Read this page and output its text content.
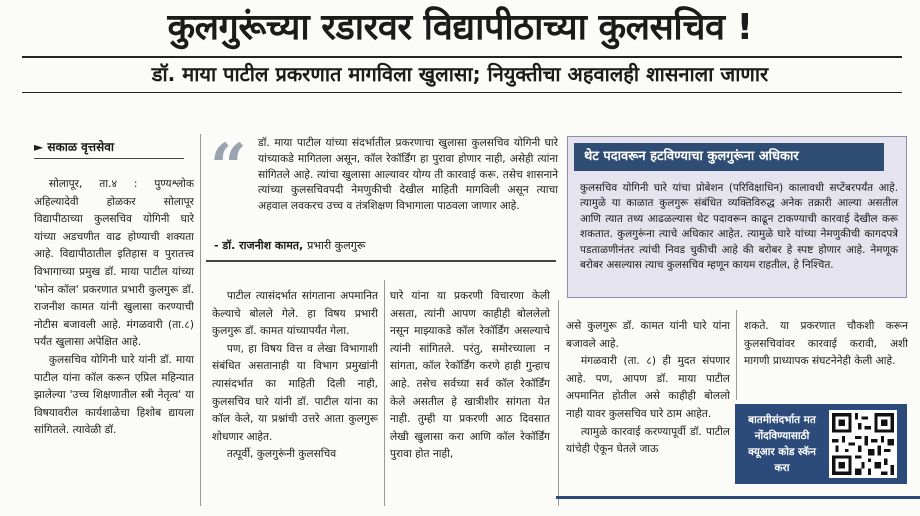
कुलगुरूंच्या रडारवर विद्यापीठाच्या कुलसचिव !
डॉ. माया पाटील प्रकरणात मागविला खुलासा; नियुक्तीचा अहवालही शासनाला जाणार
► सकाळ वृत्तसेवा

सोलापूर, ता.४ : पुण्यश्लोक अहिल्यादेवी होळकर सोलापूर विद्यापीठाच्या कुलसचिव योगिनी घारे यांच्या अडचणीत वाढ होण्याची शक्यता आहे. विद्यापीठातील इतिहास व पुरातत्त्व विभागाच्या प्रमुख डॉ. माया पाटील यांच्या 'फोन कॉल' प्रकरणात प्रभारी कुलगुरू डॉ. राजनीश कामत यांनी खुलासा करण्याची नोटीस बजावली आहे. मंगळवारी (ता.८) पर्यंत खुलासा अपेक्षित आहे.

कुलसचिव योगिनी घारे यांनी डॉ. माया पाटील यांना कॉल करून एप्रिल महिन्यात झालेल्या 'उच्च शिक्षणातील स्त्री नेतृत्व' या विषयावरील कार्यशाळेचा हिशोब द्यायला सांगितले. त्यावेळी डॉ.

“ डॉ. माया पाटील यांच्या संदर्भातील प्रकरणाचा खुलासा कुलसचिव योगिनी घारे यांच्याकडे मागितला असून, कॉल रेकॉर्डिंग हा पुरावा होणार नाही, असेही त्यांना सांगितले आहे. त्यांचा खुलासा आल्यावर योग्य ती कारवाई करू. तसेच शासनाने त्यांच्या कुलसचिवपदी नेमणुकीची देखील माहिती मागविली असून त्याचा अहवाल लवकरच उच्च व तंत्रशिक्षण विभागाला पाठवला जाणार आहे.
- डॉ. राजनीश कामत, प्रभारी कुलगुरू
थेट पदावरून हटविण्याचा कुलगुरूंना अधिकार
कुलसचिव योगिनी घारे यांचा प्रोबेशन (परिविक्षाधिन) कालावधी सप्टेंबरपर्यंत आहे. त्यामुळे या काळात कुलगुरू संबंधित व्यक्तिविरुद्ध अनेक तक्रारी आल्या असतील आणि त्यात तथ्य आढळल्यास थेट पदावरून काढून टाकण्याची कारवाई देखील करू शकतात. कुलगुरूंना त्याचे अधिकार आहेत. त्यामुळे घारे यांच्या नेमणुकीची कागदपत्रे पडताळणीनंतर त्यांची निवड चुकीची आहे की बरोबर हे स्पष्ट होणार आहे. नेमणूक बरोबर असल्यास त्याच कुलसचिव म्हणून कायम राहतील, हे निश्चित.

पाटील त्यासंदर्भात सांगताना अपमानित केल्याचे बोलले गेले. हा विषय प्रभारी कुलगुरू डॉ. कामत यांच्यापर्यंत गेला.

पण, हा विषय वित्त व लेखा विभागाशी संबंधित असतानाही या विभाग प्रमुखांनी त्यासंदर्भात का माहिती दिली नाही, कुलसचिव घारे यांनी डॉ. पाटील यांना का कॉल केले, या प्रश्नांची उत्तरे आता कुलगुरू शोधणार आहेत.

तत्पूर्वी, कुलगुरूंनी कुलसचिव

घारे यांना या प्रकरणी विचारणा केली असता, त्यांनी आपण काहीही बोललेलो नसून माझ्याकडे कॉल रेकॉर्डिंग असल्याचे त्यांनी सांगितले. परंतु, समोरच्याला न सांगता, कॉल रेकॉर्डिंग करणे हाही गुन्हाच आहे. तसेच सर्वच्या सर्व कॉल रेकॉर्डिंग केले असतील हे खात्रीशीर सांगता येत नाही. तुम्ही या प्रकरणी आठ दिवसात लेखी खुलासा करा आणि कॉल रेकॉर्डिंग पुरावा होत नाही,

असे कुलगुरू डॉ. कामत यांनी घारे यांना बजावले आहे.

मंगळवारी (ता. ८) ही मुदत संपणार आहे. पण, आपण डॉ. माया पाटील अपमानित होतील असे काहीही बोललो नाही यावर कुलसचिव घारे ठाम आहेत.

त्यामुळे कारवाई करण्यापूर्वी डॉ. पाटील यांचेही ऐकून घेतले जाऊ

शकते. या प्रकरणात चौकशी करून कुलसचिवांवर कारवाई करावी, अशी मागणी प्राध्यापक संघटनेनेही केली आहे.

बातमीसंदर्भात मत नोंदविण्यासाठी क्यूआर कोड स्कॅन करा
